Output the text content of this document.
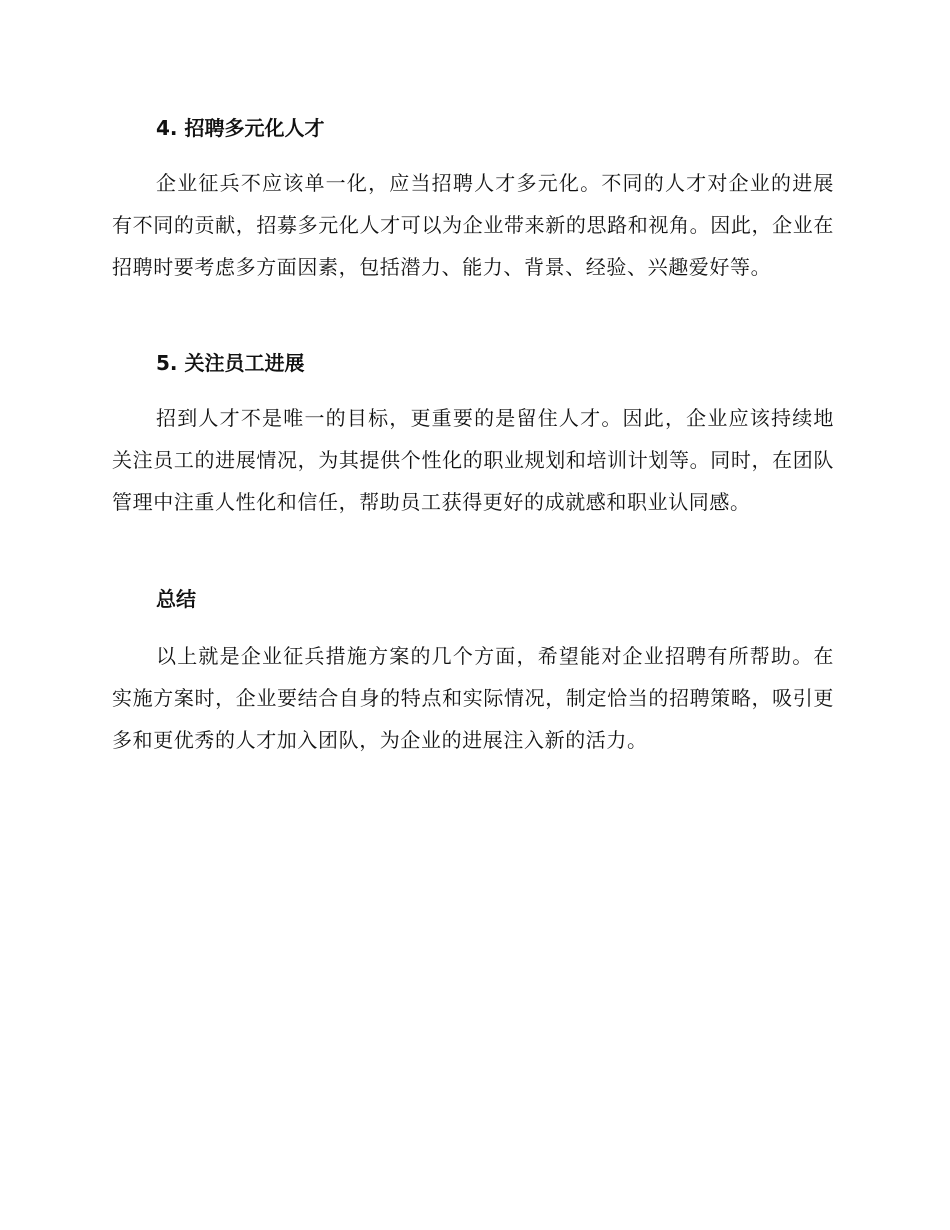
4. 招聘多元化人才

企业征兵不应该单一化，应当招聘人才多元化。不同的人才对企业的进展有不同的贡献，招募多元化人才可以为企业带来新的思路和视角。因此，企业在招聘时要考虑多方面因素，包括潜力、能力、背景、经验、兴趣爱好等。

5. 关注员工进展

招到人才不是唯一的目标，更重要的是留住人才。因此，企业应该持续地关注员工的进展情况，为其提供个性化的职业规划和培训计划等。同时，在团队管理中注重人性化和信任，帮助员工获得更好的成就感和职业认同感。

总结

以上就是企业征兵措施方案的几个方面，希望能对企业招聘有所帮助。在实施方案时，企业要结合自身的特点和实际情况，制定恰当的招聘策略，吸引更多和更优秀的人才加入团队，为企业的进展注入新的活力。
